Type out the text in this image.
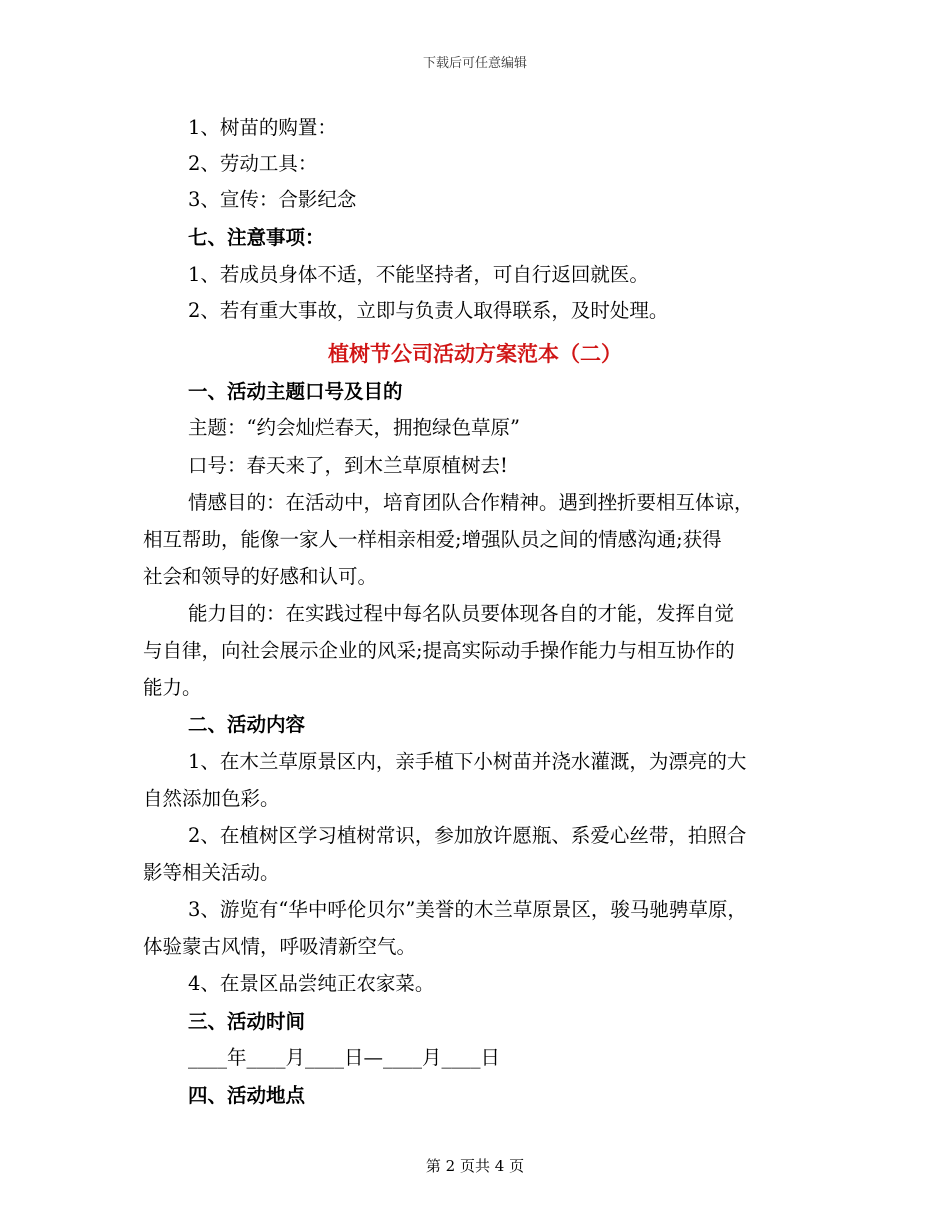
下载后可任意编辑
1、树苗的购置：
2、劳动工具：
3、宣传：合影纪念
七、注意事项：
1、若成员身体不适，不能坚持者，可自行返回就医。
2、若有重大事故，立即与负责人取得联系，及时处理。
植树节公司活动方案范本（二）
一、活动主题口号及目的
主题：“约会灿烂春天，拥抱绿色草原”
口号：春天来了，到木兰草原植树去!
情感目的：在活动中，培育团队合作精神。遇到挫折要相互体谅，
相互帮助，能像一家人一样相亲相爱;增强队员之间的情感沟通;获得
社会和领导的好感和认可。
能力目的：在实践过程中每名队员要体现各自的才能，发挥自觉
与自律，向社会展示企业的风采;提高实际动手操作能力与相互协作的
能力。
二、活动内容
1、在木兰草原景区内，亲手植下小树苗并浇水灌溉，为漂亮的大
自然添加色彩。
2、在植树区学习植树常识，参加放许愿瓶、系爱心丝带，拍照合
影等相关活动。
3、游览有“华中呼伦贝尔”美誉的木兰草原景区，骏马驰骋草原，
体验蒙古风情，呼吸清新空气。
4、在景区品尝纯正农家菜。
三、活动时间
____年____月____日—____月____日
四、活动地点
第 2 页共 4 页
